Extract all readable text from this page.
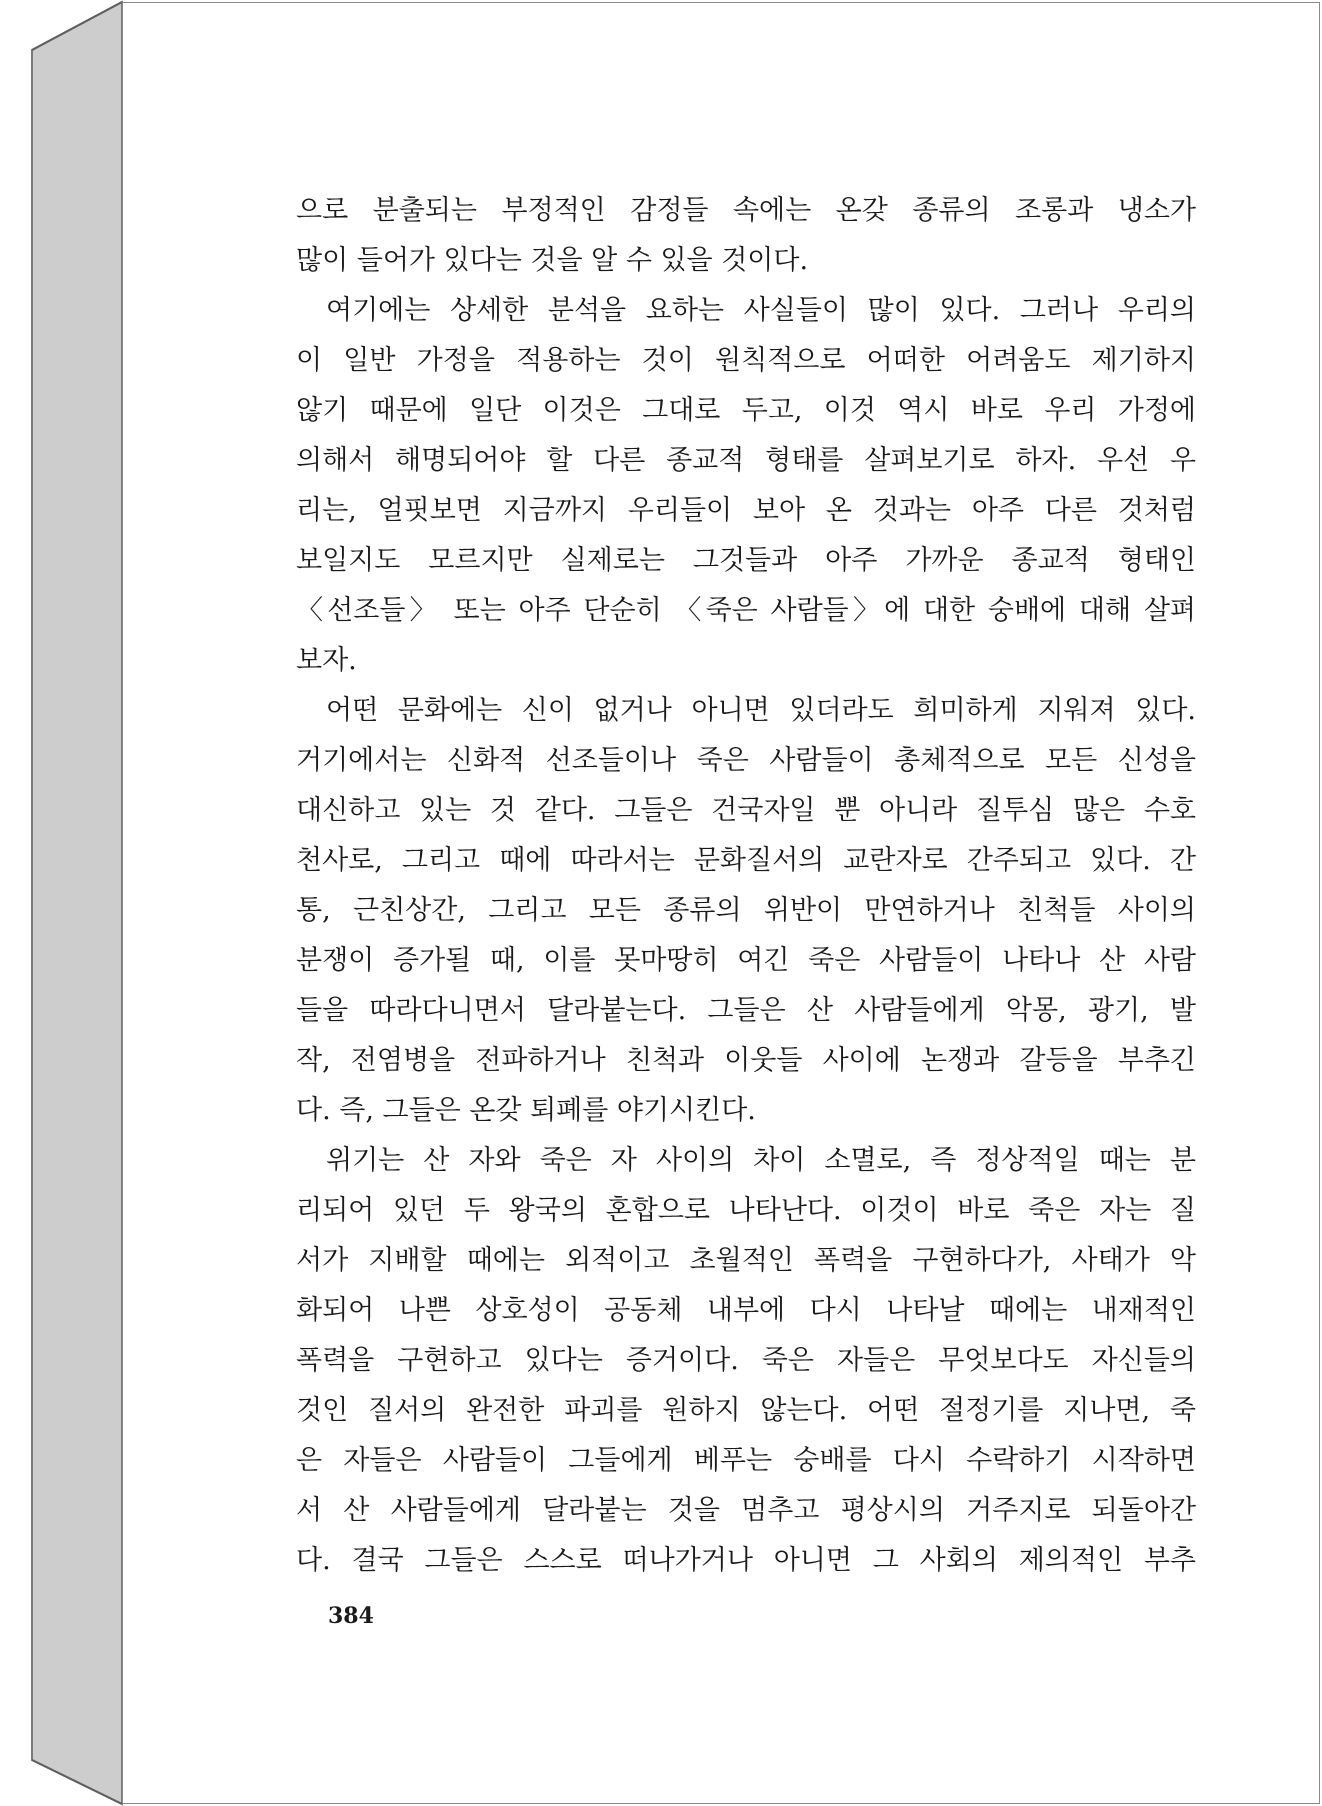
으로 분출되는 부정적인 감정들 속에는 온갖 종류의 조롱과 냉소가
많이 들어가 있다는 것을 알 수 있을 것이다.
여기에는 상세한 분석을 요하는 사실들이 많이 있다. 그러나 우리의
이 일반 가정을 적용하는 것이 원칙적으로 어떠한 어려움도 제기하지
않기 때문에 일단 이것은 그대로 두고, 이것 역시 바로 우리 가정에
의해서 해명되어야 할 다른 종교적 형태를 살펴보기로 하자. 우선 우
리는, 얼핏보면 지금까지 우리들이 보아 온 것과는 아주 다른 것처럼
보일지도 모르지만 실제로는 그것들과 아주 가까운 종교적 형태인
〈선조들〉 또는 아주 단순히 〈죽은 사람들〉에 대한 숭배에 대해 살펴
보자.
어떤 문화에는 신이 없거나 아니면 있더라도 희미하게 지워져 있다.
거기에서는 신화적 선조들이나 죽은 사람들이 총체적으로 모든 신성을
대신하고 있는 것 같다. 그들은 건국자일 뿐 아니라 질투심 많은 수호
천사로, 그리고 때에 따라서는 문화질서의 교란자로 간주되고 있다. 간
통, 근친상간, 그리고 모든 종류의 위반이 만연하거나 친척들 사이의
분쟁이 증가될 때, 이를 못마땅히 여긴 죽은 사람들이 나타나 산 사람
들을 따라다니면서 달라붙는다. 그들은 산 사람들에게 악몽, 광기, 발
작, 전염병을 전파하거나 친척과 이웃들 사이에 논쟁과 갈등을 부추긴
다. 즉, 그들은 온갖 퇴폐를 야기시킨다.
위기는 산 자와 죽은 자 사이의 차이 소멸로, 즉 정상적일 때는 분
리되어 있던 두 왕국의 혼합으로 나타난다. 이것이 바로 죽은 자는 질
서가 지배할 때에는 외적이고 초월적인 폭력을 구현하다가, 사태가 악
화되어 나쁜 상호성이 공동체 내부에 다시 나타날 때에는 내재적인
폭력을 구현하고 있다는 증거이다. 죽은 자들은 무엇보다도 자신들의
것인 질서의 완전한 파괴를 원하지 않는다. 어떤 절정기를 지나면, 죽
은 자들은 사람들이 그들에게 베푸는 숭배를 다시 수락하기 시작하면
서 산 사람들에게 달라붙는 것을 멈추고 평상시의 거주지로 되돌아간
다. 결국 그들은 스스로 떠나가거나 아니면 그 사회의 제의적인 부추
384
